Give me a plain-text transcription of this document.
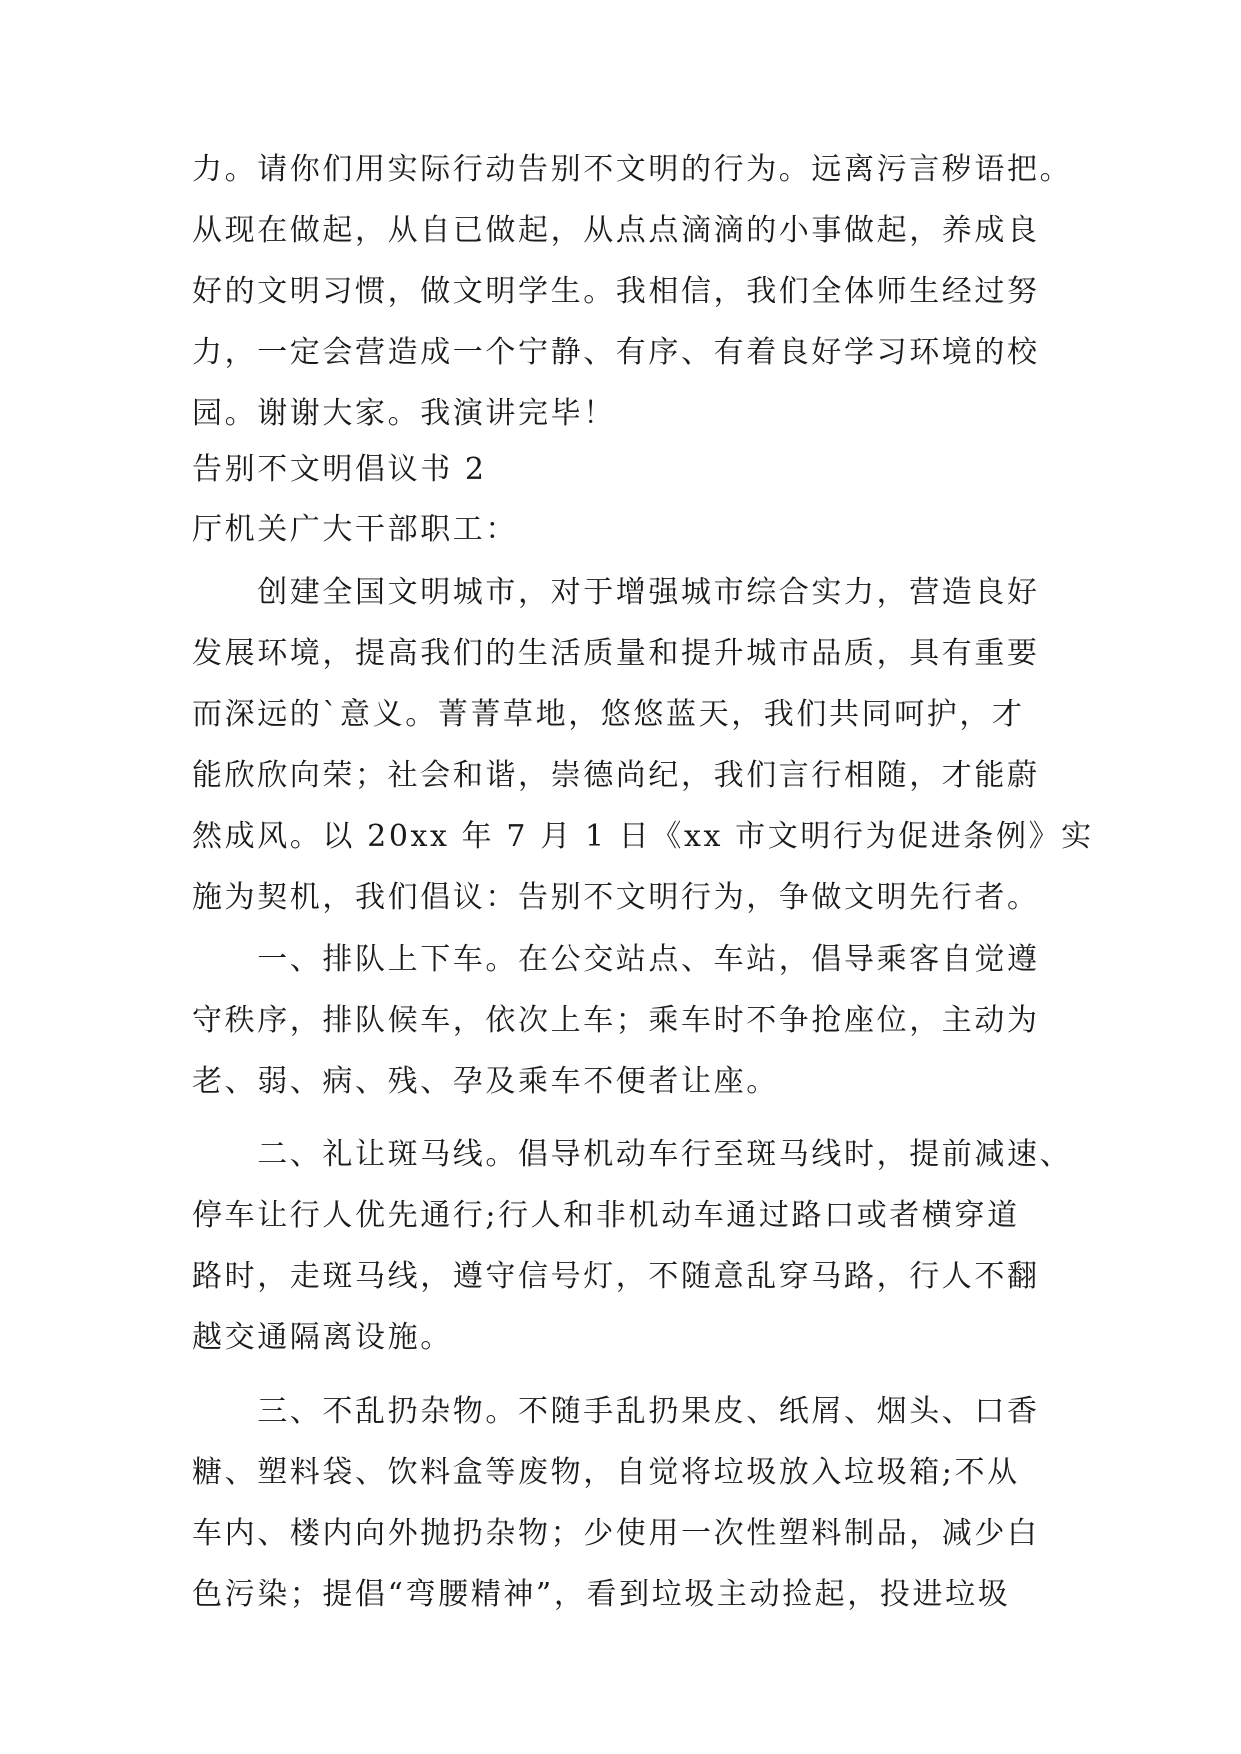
力。请你们用实际行动告别不文明的行为。远离污言秽语把。
从现在做起，从自已做起，从点点滴滴的小事做起，养成良
好的文明习惯，做文明学生。我相信，我们全体师生经过努
力，一定会营造成一个宁静、有序、有着良好学习环境的校
园。谢谢大家。我演讲完毕！
告别不文明倡议书 2
厅机关广大干部职工：
　　创建全国文明城市，对于增强城市综合实力，营造良好
发展环境，提高我们的生活质量和提升城市品质，具有重要
而深远的`意义。菁菁草地，悠悠蓝天，我们共同呵护，才
能欣欣向荣；社会和谐，崇德尚纪，我们言行相随，才能蔚
然成风。以 20xx 年 7 月 1 日《xx 市文明行为促进条例》实
施为契机，我们倡议：告别不文明行为，争做文明先行者。
　　一、排队上下车。在公交站点、车站，倡导乘客自觉遵
守秩序，排队候车，依次上车；乘车时不争抢座位，主动为
老、弱、病、残、孕及乘车不便者让座。
　　二、礼让斑马线。倡导机动车行至斑马线时，提前减速、
停车让行人优先通行;行人和非机动车通过路口或者横穿道
路时，走斑马线，遵守信号灯，不随意乱穿马路，行人不翻
越交通隔离设施。
　　三、不乱扔杂物。不随手乱扔果皮、纸屑、烟头、口香
糖、塑料袋、饮料盒等废物，自觉将垃圾放入垃圾箱;不从
车内、楼内向外抛扔杂物；少使用一次性塑料制品，减少白
色污染；提倡“弯腰精神”，看到垃圾主动捡起，投进垃圾
